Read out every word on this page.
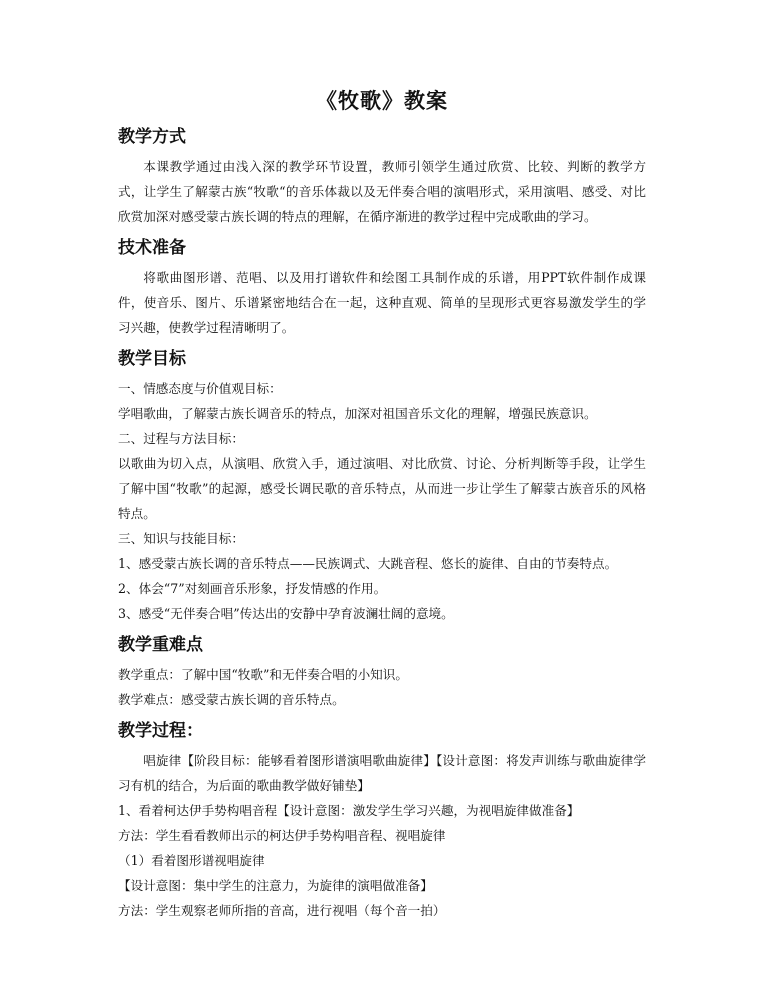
《牧歌》教案
教学方式

本课教学通过由浅入深的教学环节设置，教师引领学生通过欣赏、比较、判断的教学方式，让学生了解蒙古族“牧歌“的音乐体裁以及无伴奏合唱的演唱形式，采用演唱、感受、对比欣赏加深对感受蒙古族长调的特点的理解，在循序渐进的教学过程中完成歌曲的学习。

技术准备

将歌曲图形谱、范唱、以及用打谱软件和绘图工具制作成的乐谱，用PPT软件制作成课件，使音乐、图片、乐谱紧密地结合在一起，这种直观、简单的呈现形式更容易激发学生的学习兴趣，使教学过程清晰明了。

教学目标

一、情感态度与价值观目标：

学唱歌曲，了解蒙古族长调音乐的特点，加深对祖国音乐文化的理解，增强民族意识。

二、过程与方法目标：

以歌曲为切入点，从演唱、欣赏入手，通过演唱、对比欣赏、讨论、分析判断等手段，让学生了解中国“牧歌”的起源，感受长调民歌的音乐特点，从而进一步让学生了解蒙古族音乐的风格特点。

三、知识与技能目标：

1、感受蒙古族长调的音乐特点——民族调式、大跳音程、悠长的旋律、自由的节奏特点。

2、体会“7”对刻画音乐形象，抒发情感的作用。

3、感受“无伴奏合唱”传达出的安静中孕育波澜壮阔的意境。

教学重难点

教学重点：了解中国“牧歌”和无伴奏合唱的小知识。

教学难点：感受蒙古族长调的音乐特点。

教学过程：

唱旋律【阶段目标：能够看着图形谱演唱歌曲旋律】【设计意图：将发声训练与歌曲旋律学习有机的结合，为后面的歌曲教学做好铺垫】

1、看着柯达伊手势构唱音程【设计意图：激发学生学习兴趣，为视唱旋律做准备】

方法：学生看看教师出示的柯达伊手势构唱音程、视唱旋律

（1）看着图形谱视唱旋律

【设计意图：集中学生的注意力，为旋律的演唱做准备】

方法：学生观察老师所指的音高，进行视唱（每个音一拍）
